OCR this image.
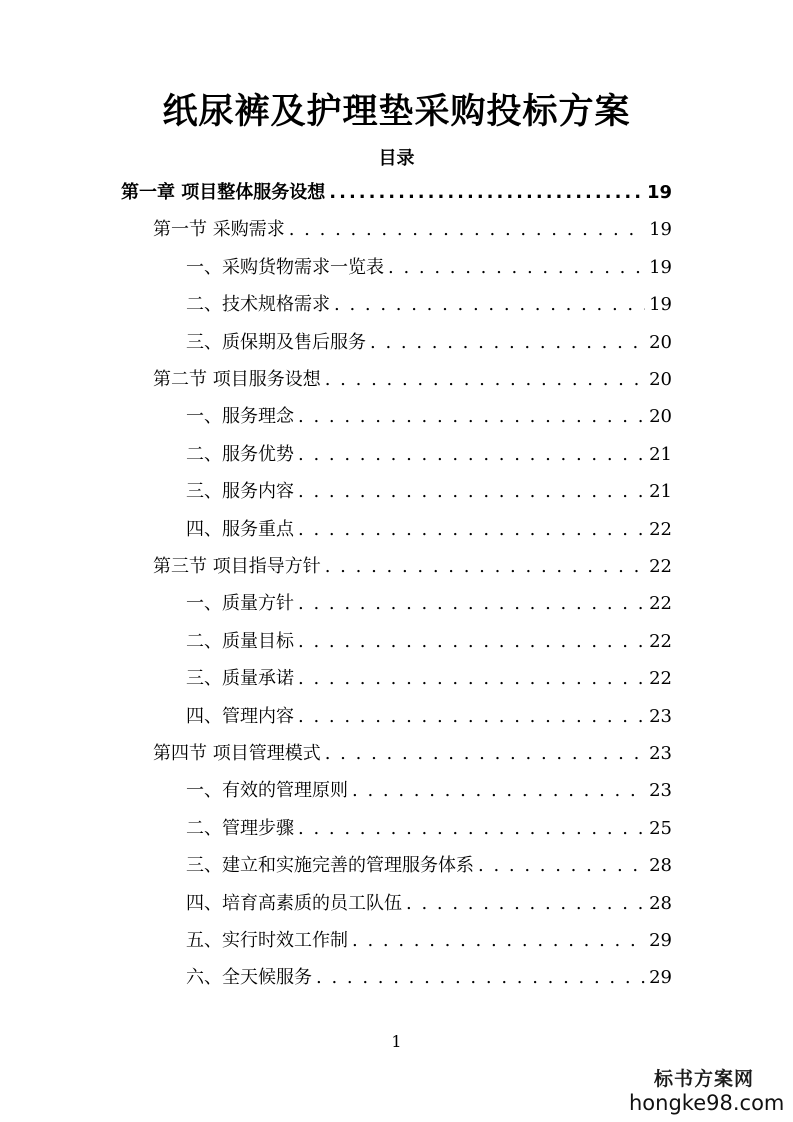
纸尿裤及护理垫采购投标方案
目录
第一章 项目整体服务设想 .....	19
第一节 采购需求 . . .	19
一、采购货物需求一览表 . . .	19
二、技术规格需求 . . .	19
三、质保期及售后服务 . . .	20
第二节 项目服务设想 . . .	20
一、服务理念 . . .	20
二、服务优势 . . .	21
三、服务内容 . . .	21
四、服务重点 . . .	22
第三节 项目指导方针 . . .	22
一、质量方针 . . .	22
二、质量目标 . . .	22
三、质量承诺 . . .	22
四、管理内容 . . .	23
第四节 项目管理模式 . . .	23
一、有效的管理原则 . . .	23
二、管理步骤 . . .	25
三、建立和实施完善的管理服务体系 . . .	28
四、培育高素质的员工队伍 . . .	28
五、实行时效工作制 . . .	29
六、全天候服务 . . .	29
1
标书方案网
hongke98.com
